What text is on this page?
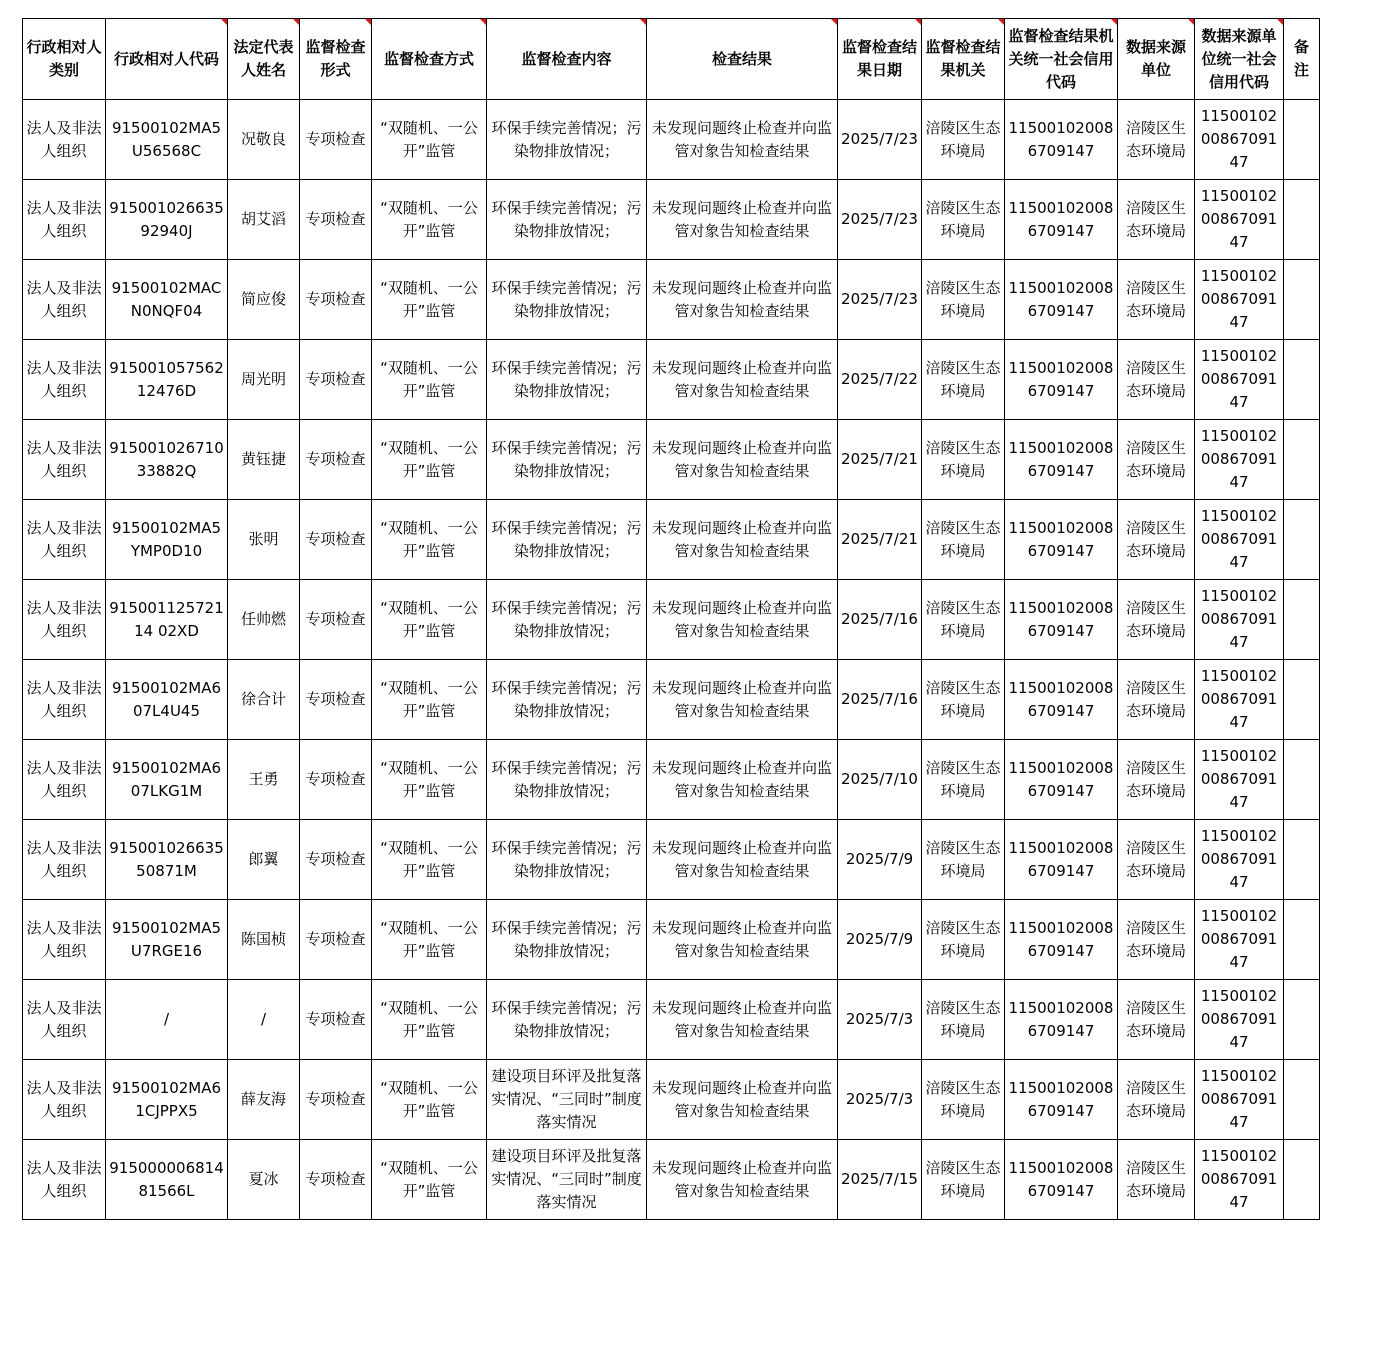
行政相对人类别	行政相对人代码	法定代表人姓名	监督检查形式	监督检查方式	监督检查内容	检查结果	监督检查结果日期	监督检查结果机关	监督检查结果机关统一社会信用代码	数据来源单位	数据来源单位统一社会信用代码	备注
法人及非法人组织	91500102MA5U56568C	况敬良	专项检查	“双随机、一公开”监管	环保手续完善情况；污染物排放情况；	未发现问题终止检查并向监管对象告知检查结果	2025/7/23	涪陵区生态环境局	115001020086709147	涪陵区生态环境局	115001020086709147	
法人及非法人组织	91500102663592940J	胡艾滔	专项检查	“双随机、一公开”监管	环保手续完善情况；污染物排放情况；	未发现问题终止检查并向监管对象告知检查结果	2025/7/23	涪陵区生态环境局	115001020086709147	涪陵区生态环境局	115001020086709147	
法人及非法人组织	91500102MACN0NQF04	简应俊	专项检查	“双随机、一公开”监管	环保手续完善情况；污染物排放情况；	未发现问题终止检查并向监管对象告知检查结果	2025/7/23	涪陵区生态环境局	115001020086709147	涪陵区生态环境局	115001020086709147	
法人及非法人组织	91500105756212476D	周光明	专项检查	“双随机、一公开”监管	环保手续完善情况；污染物排放情况；	未发现问题终止检查并向监管对象告知检查结果	2025/7/22	涪陵区生态环境局	115001020086709147	涪陵区生态环境局	115001020086709147	
法人及非法人组织	91500102671033882Q	黄钰捷	专项检查	“双随机、一公开”监管	环保手续完善情况；污染物排放情况；	未发现问题终止检查并向监管对象告知检查结果	2025/7/21	涪陵区生态环境局	115001020086709147	涪陵区生态环境局	115001020086709147	
法人及非法人组织	91500102MA5YMP0D10	张明	专项检查	“双随机、一公开”监管	环保手续完善情况；污染物排放情况；	未发现问题终止检查并向监管对象告知检查结果	2025/7/21	涪陵区生态环境局	115001020086709147	涪陵区生态环境局	115001020086709147	
法人及非法人组织	91500112572114 02XD	任帅燃	专项检查	“双随机、一公开”监管	环保手续完善情况；污染物排放情况；	未发现问题终止检查并向监管对象告知检查结果	2025/7/16	涪陵区生态环境局	115001020086709147	涪陵区生态环境局	115001020086709147	
法人及非法人组织	91500102MA607L4U45	徐合计	专项检查	“双随机、一公开”监管	环保手续完善情况；污染物排放情况；	未发现问题终止检查并向监管对象告知检查结果	2025/7/16	涪陵区生态环境局	115001020086709147	涪陵区生态环境局	115001020086709147	
法人及非法人组织	91500102MA607LKG1M	王勇	专项检查	“双随机、一公开”监管	环保手续完善情况；污染物排放情况；	未发现问题终止检查并向监管对象告知检查结果	2025/7/10	涪陵区生态环境局	115001020086709147	涪陵区生态环境局	115001020086709147	
法人及非法人组织	91500102663550871M	郎翼	专项检查	“双随机、一公开”监管	环保手续完善情况；污染物排放情况；	未发现问题终止检查并向监管对象告知检查结果	2025/7/9	涪陵区生态环境局	115001020086709147	涪陵区生态环境局	115001020086709147	
法人及非法人组织	91500102MA5U7RGE16	陈国桢	专项检查	“双随机、一公开”监管	环保手续完善情况；污染物排放情况；	未发现问题终止检查并向监管对象告知检查结果	2025/7/9	涪陵区生态环境局	115001020086709147	涪陵区生态环境局	115001020086709147	
法人及非法人组织	/	/	专项检查	“双随机、一公开”监管	环保手续完善情况；污染物排放情况；	未发现问题终止检查并向监管对象告知检查结果	2025/7/3	涪陵区生态环境局	115001020086709147	涪陵区生态环境局	115001020086709147	
法人及非法人组织	91500102MA61CJPPX5	薛友海	专项检查	“双随机、一公开”监管	建设项目环评及批复落实情况、“三同时”制度落实情况	未发现问题终止检查并向监管对象告知检查结果	2025/7/3	涪陵区生态环境局	115001020086709147	涪陵区生态环境局	115001020086709147	
法人及非法人组织	91500000681481566L	夏冰	专项检查	“双随机、一公开”监管	建设项目环评及批复落实情况、“三同时”制度落实情况	未发现问题终止检查并向监管对象告知检查结果	2025/7/15	涪陵区生态环境局	115001020086709147	涪陵区生态环境局	115001020086709147	
